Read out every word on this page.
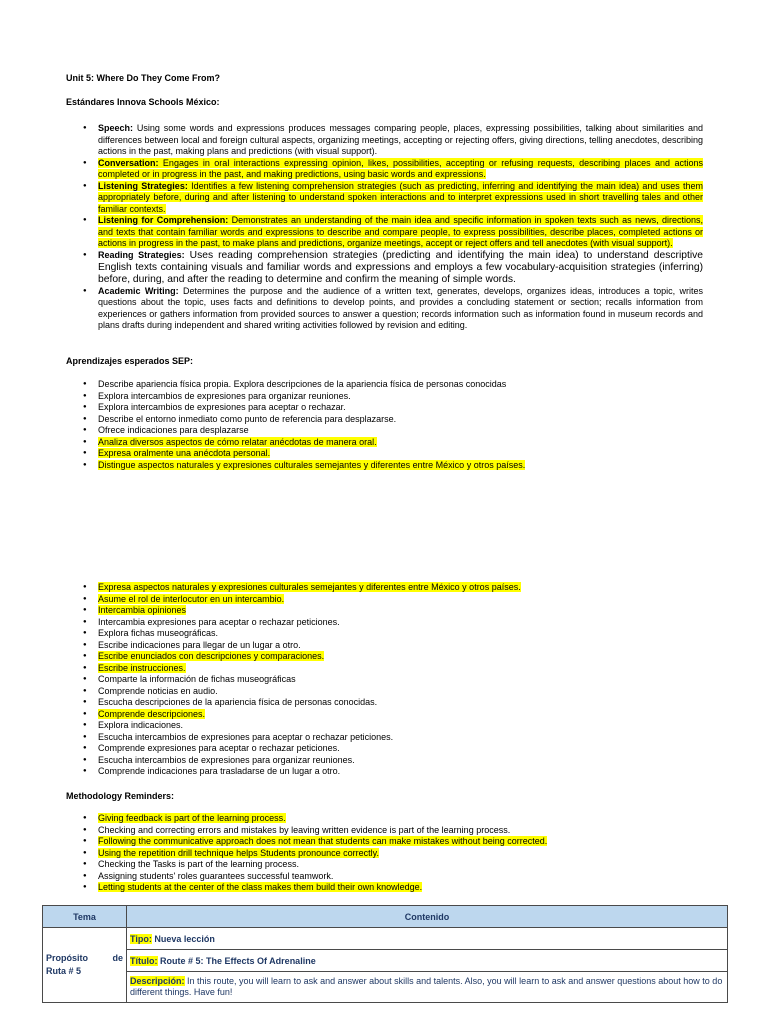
Unit 5: Where Do They Come From?
Estándares Innova Schools México:
● Speech: Using some words and expressions produces messages comparing people, places, expressing possibilities, talking about similarities and differences between local and foreign cultural aspects, organizing meetings, accepting or rejecting offers, giving directions, telling anecdotes, describing actions in the past, making plans and predictions (with visual support).
● Conversation: Engages in oral interactions expressing opinion, likes, possibilities, accepting or refusing requests, describing places and actions completed or in progress in the past, and making predictions, using basic words and expressions.
● Listening Strategies: Identifies a few listening comprehension strategies (such as predicting, inferring and identifying the main idea) and uses them appropriately before, during and after listening to understand spoken interactions and to interpret expressions used in short travelling tales and other familiar contexts.
● Listening for Comprehension: Demonstrates an understanding of the main idea and specific information in spoken texts such as news, directions, and texts that contain familiar words and expressions to describe and compare people, to express possibilities, describe places, completed actions or actions in progress in the past, to make plans and predictions, organize meetings, accept or reject offers and tell anecdotes (with visual support).
● Reading Strategies: Uses reading comprehension strategies (predicting and identifying the main idea) to understand descriptive English texts containing visuals and familiar words and expressions and employs a few vocabulary-acquisition strategies (inferring) before, during, and after the reading to determine and confirm the meaning of simple words.
● Academic Writing: Determines the purpose and the audience of a written text, generates, develops, organizes ideas, introduces a topic, writes questions about the topic, uses facts and definitions to develop points, and provides a concluding statement or section; recalls information from experiences or gathers information from provided sources to answer a question; records information such as information found in museum records and plans drafts during independent and shared writing activities followed by revision and editing.
Aprendizajes esperados SEP:
● Describe apariencia física propia. Explora descripciones de la apariencia física de personas conocidas
● Explora intercambios de expresiones para organizar reuniones.
● Explora intercambios de expresiones para aceptar o rechazar.
● Describe el entorno inmediato como punto de referencia para desplazarse.
● Ofrece indicaciones para desplazarse
● Analiza diversos aspectos de cómo relatar anécdotas de manera oral.
● Expresa oralmente una anécdota personal.
● Distingue aspectos naturales y expresiones culturales semejantes y diferentes entre México y otros países.
● Expresa aspectos naturales y expresiones culturales semejantes y diferentes entre México y otros países.
● Asume el rol de interlocutor en un intercambio.
● Intercambia opiniones
● Intercambia expresiones para aceptar o rechazar peticiones.
● Explora fichas museográficas.
● Escribe indicaciones para llegar de un lugar a otro.
● Escribe enunciados con descripciones y comparaciones.
● Escribe instrucciones.
● Comparte la información de fichas museográficas
● Comprende noticias en audio.
● Escucha descripciones de la apariencia física de personas conocidas.
● Comprende descripciones.
● Explora indicaciones.
● Escucha intercambios de expresiones para aceptar o rechazar peticiones.
● Comprende expresiones para aceptar o rechazar peticiones.
● Escucha intercambios de expresiones para organizar reuniones.
● Comprende indicaciones para trasladarse de un lugar a otro.
Methodology Reminders:
● Giving feedback is part of the learning process.
● Checking and correcting errors and mistakes by leaving written evidence is part of the learning process.
● Following the communicative approach does not mean that students can make mistakes without being corrected.
● Using the repetition drill technique helps Students pronounce correctly.
● Checking the Tasks is part of the learning process.
● Assigning students' roles guarantees successful teamwork.
● Letting students at the center of the class makes them build their own knowledge.
Tema	Contenido

Propósito de
Ruta # 5	Tipo: Nueva lección
	Título: Route # 5: The Effects Of Adrenaline
	Descripción: In this route, you will learn to ask and answer about skills and talents. Also, you will learn to ask and answer questions about how to do different things. Have fun!
